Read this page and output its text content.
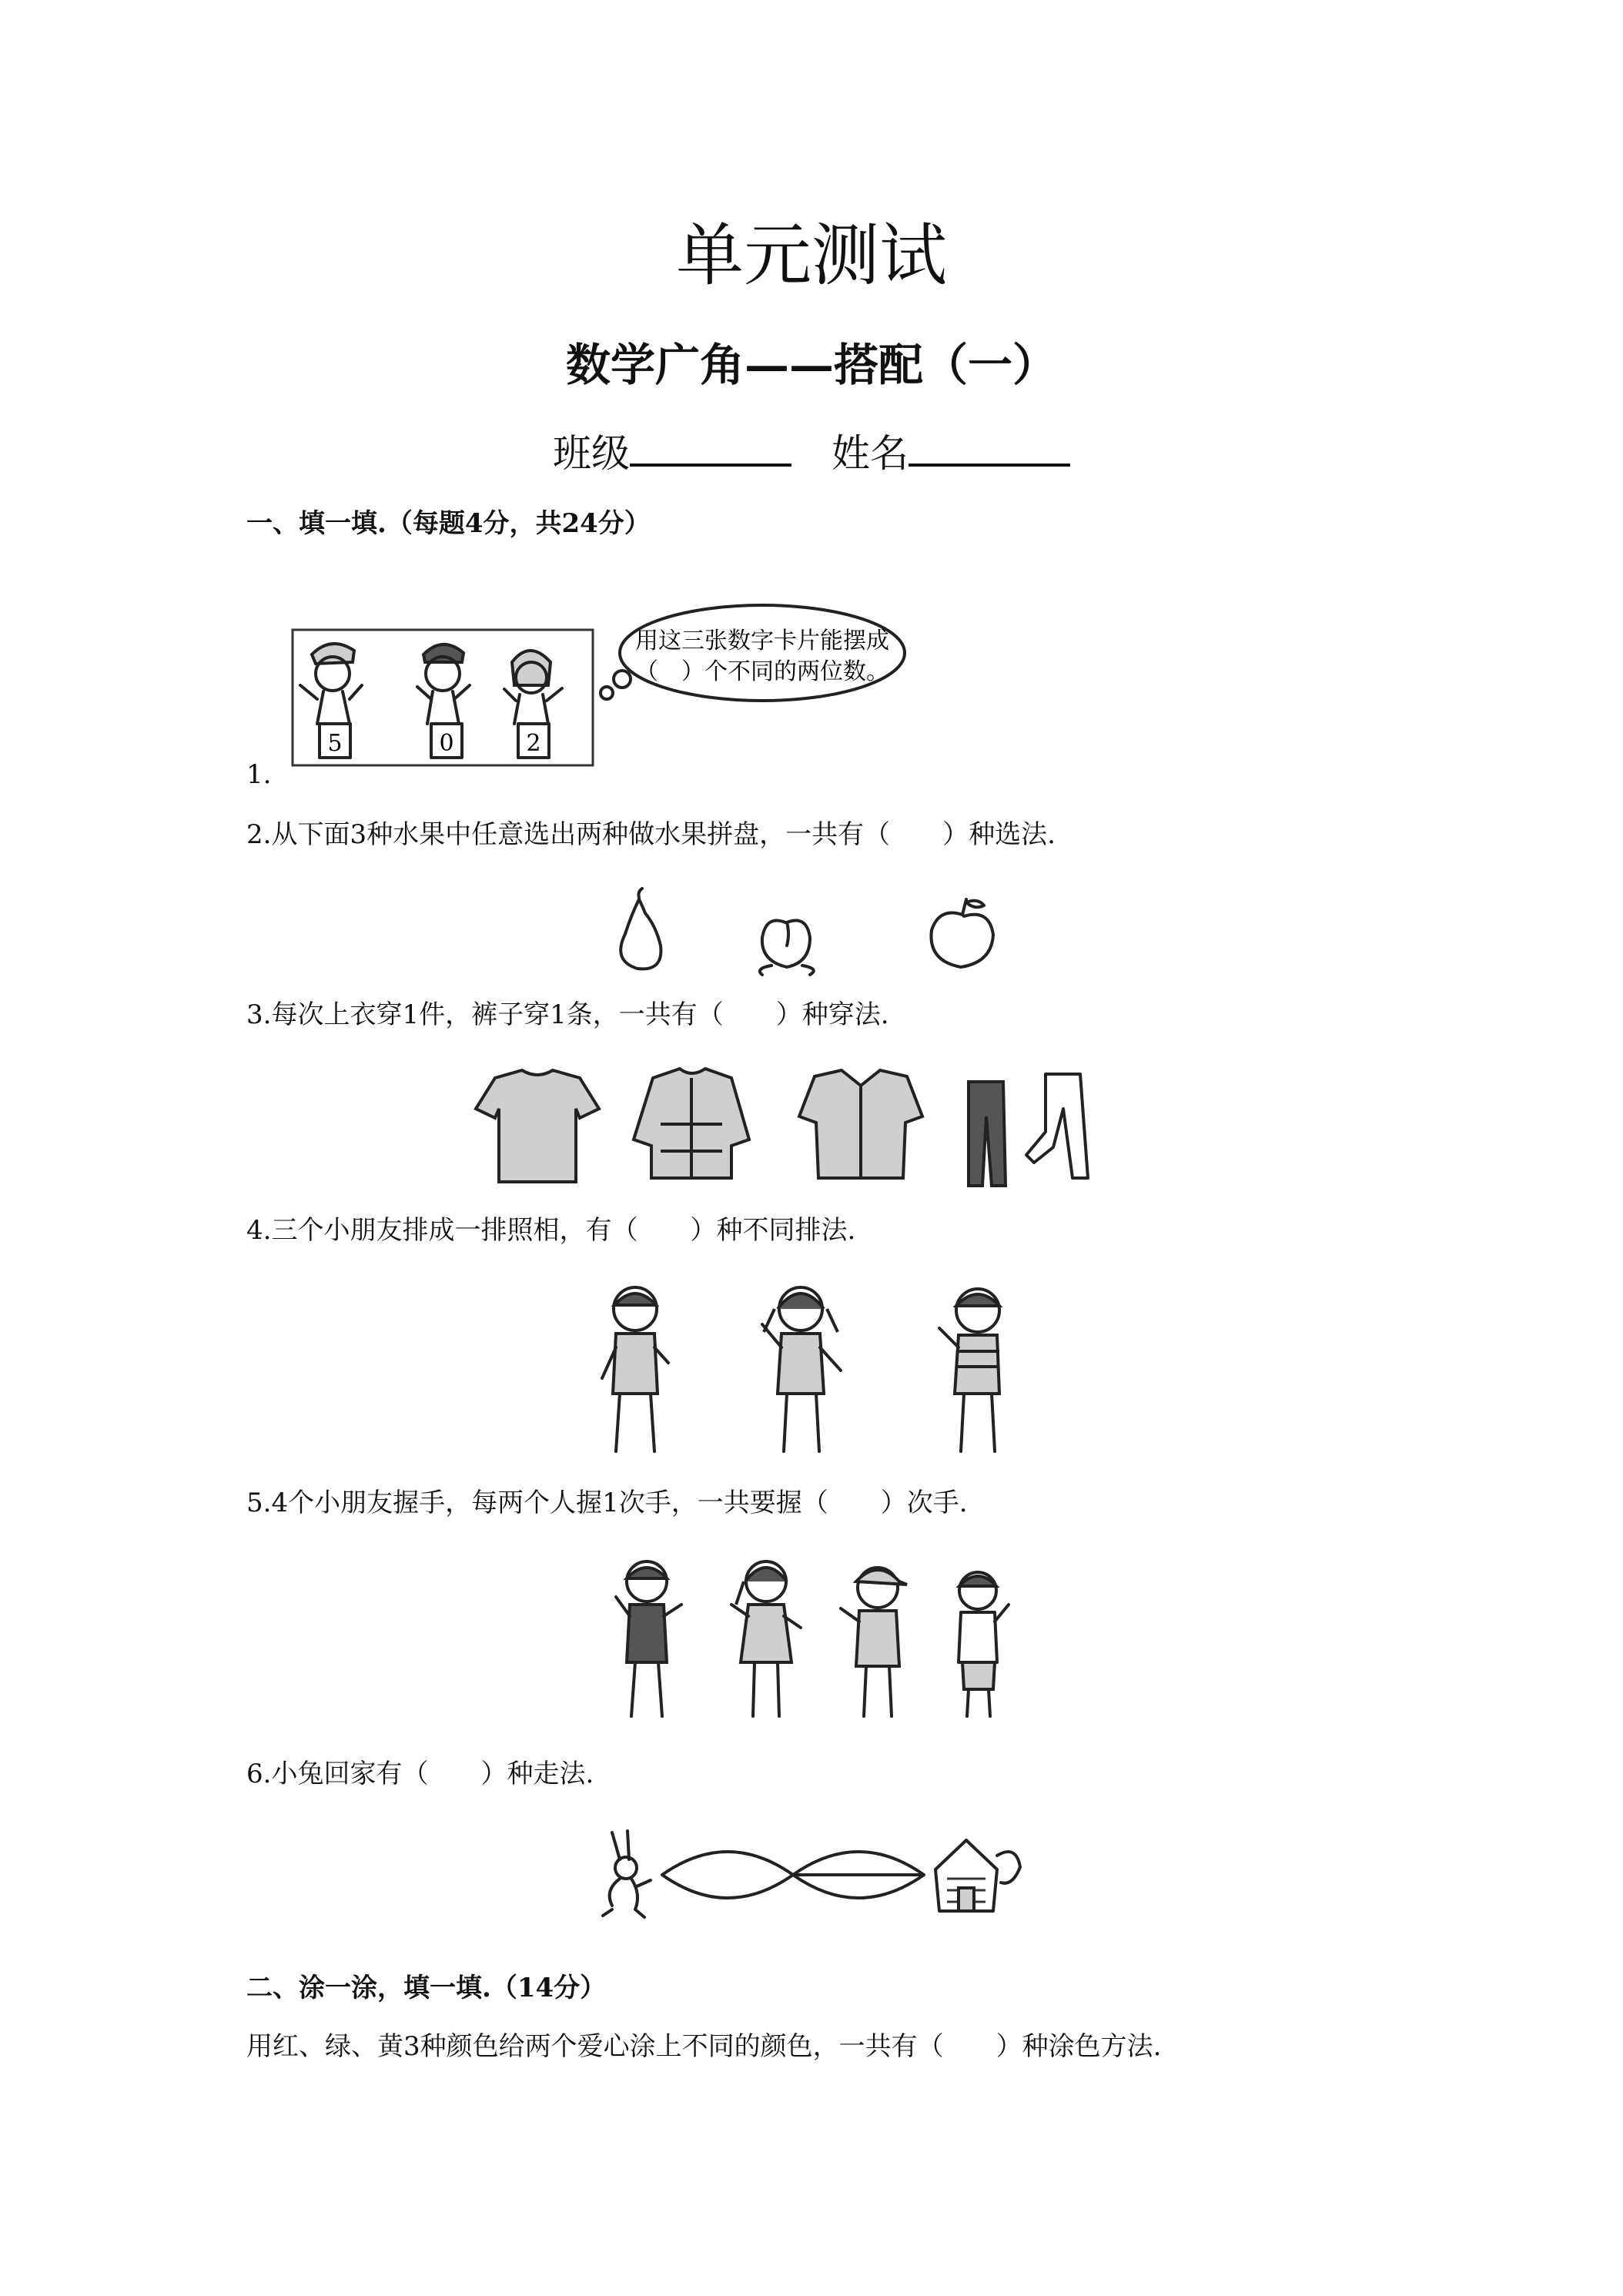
单元测试
数学广角——搭配（一）
班级	姓名
一、填一填.（每题4分，共24分）
5	0	2
用这三张数字卡片能摆成
（　）个不同的两位数。
1.
2.从下面3种水果中任意选出两种做水果拼盘，一共有（　　）种选法.
3.每次上衣穿1件，裤子穿1条，一共有（　　）种穿法.
4.三个小朋友排成一排照相，有（　　）种不同排法.
5.4个小朋友握手，每两个人握1次手，一共要握（　　）次手.
6.小兔回家有（　　）种走法.
二、涂一涂，填一填.（14分）
用红、绿、黄3种颜色给两个爱心涂上不同的颜色，一共有（　　）种涂色方法.
